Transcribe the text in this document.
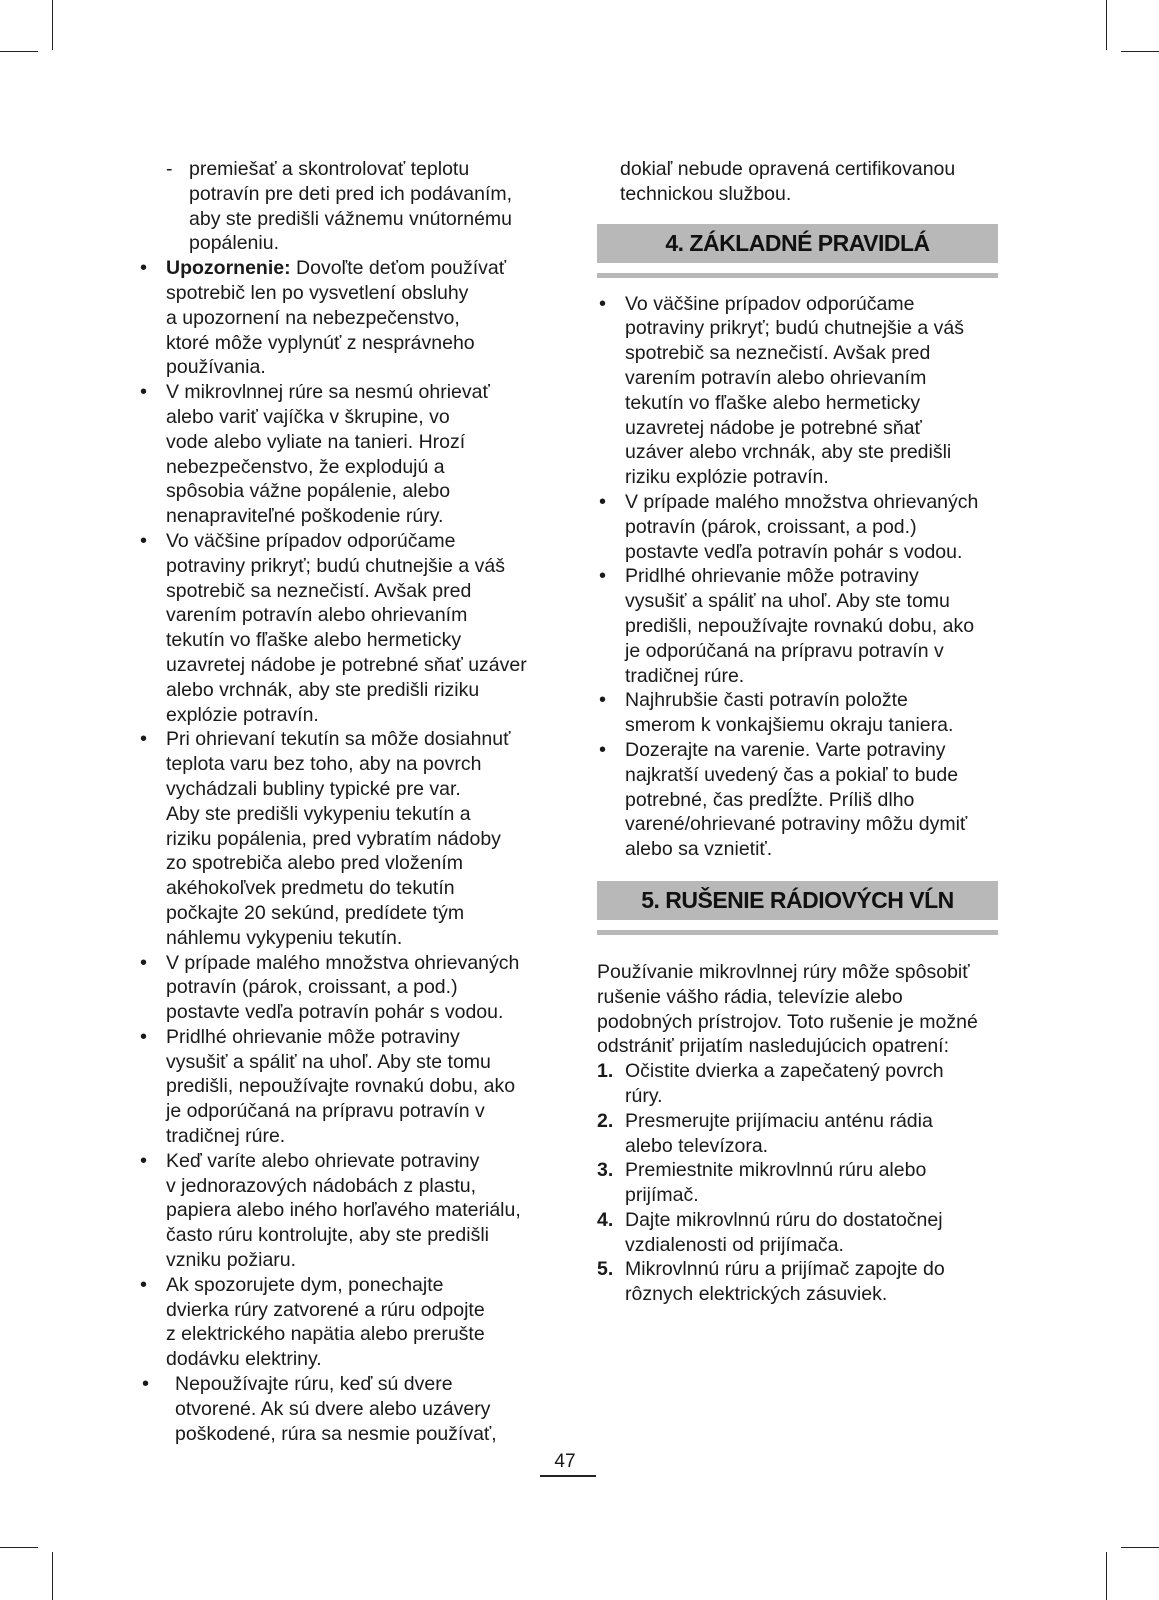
- premiešať a skontrolovať teplotu
potravín pre deti pred ich podávaním,
aby ste predišli vážnemu vnútornému
popáleniu.
• Upozornenie: Dovoľte deťom používať
spotrebič len po vysvetlení obsluhy
a upozornení na nebezpečenstvo,
ktoré môže vyplynúť z nesprávneho
používania.
• V mikrovlnnej rúre sa nesmú ohrievať
alebo variť vajíčka v škrupine, vo
vode alebo vyliate na tanieri. Hrozí
nebezpečenstvo, že explodujú a
spôsobia vážne popálenie, alebo
nenapraviteľné poškodenie rúry.
• Vo väčšine prípadov odporúčame
potraviny prikryť; budú chutnejšie a váš
spotrebič sa neznečistí. Avšak pred
varením potravín alebo ohrievaním
tekutín vo fľaške alebo hermeticky
uzavretej nádobe je potrebné sňať uzáver
alebo vrchnák, aby ste predišli riziku
explózie potravín.
• Pri ohrievaní tekutín sa môže dosiahnuť
teplota varu bez toho, aby na povrch
vychádzali bubliny typické pre var.
Aby ste predišli vykypeniu tekutín a
riziku popálenia, pred vybratím nádoby
zo spotrebiča alebo pred vložením
akéhokoľvek predmetu do tekutín
počkajte 20 sekúnd, predídete tým
náhlemu vykypeniu tekutín.
• V prípade malého množstva ohrievaných
potravín (párok, croissant, a pod.)
postavte vedľa potravín pohár s vodou.
• Pridlhé ohrievanie môže potraviny
vysušiť a spáliť na uhoľ. Aby ste tomu
predišli, nepoužívajte rovnakú dobu, ako
je odporúčaná na prípravu potravín v
tradičnej rúre.
• Keď varíte alebo ohrievate potraviny
v jednorazových nádobách z plastu,
papiera alebo iného horľavého materiálu,
často rúru kontrolujte, aby ste predišli
vzniku požiaru.
• Ak spozorujete dym, ponechajte
dvierka rúry zatvorené a rúru odpojte
z elektrického napätia alebo prerušte
dodávku elektriny.
• Nepoužívajte rúru, keď sú dvere
otvorené. Ak sú dvere alebo uzávery
poškodené, rúra sa nesmie používať,
dokiaľ nebude opravená certifikovanou
technickou službou.
4. ZÁKLADNÉ PRAVIDLÁ
• Vo väčšine prípadov odporúčame
potraviny prikryť; budú chutnejšie a váš
spotrebič sa neznečistí. Avšak pred
varením potravín alebo ohrievaním
tekutín vo fľaške alebo hermeticky
uzavretej nádobe je potrebné sňať
uzáver alebo vrchnák, aby ste predišli
riziku explózie potravín.
• V prípade malého množstva ohrievaných
potravín (párok, croissant, a pod.)
postavte vedľa potravín pohár s vodou.
• Pridlhé ohrievanie môže potraviny
vysušiť a spáliť na uhoľ. Aby ste tomu
predišli, nepoužívajte rovnakú dobu, ako
je odporúčaná na prípravu potravín v
tradičnej rúre.
• Najhrubšie časti potravín položte
smerom k vonkajšiemu okraju taniera.
• Dozerajte na varenie. Varte potraviny
najkratší uvedený čas a pokiaľ to bude
potrebné, čas predĺžte. Príliš dlho
varené/ohrievané potraviny môžu dymiť
alebo sa vznietiť.
5. RUŠENIE RÁDIOVÝCH VĹN

Používanie mikrovlnnej rúry môže spôsobiť
rušenie vášho rádia, televízie alebo
podobných prístrojov. Toto rušenie je možné
odstrániť prijatím nasledujúcich opatrení:

1. Očistite dvierka a zapečatený povrch
rúry.
2. Presmerujte prijímaciu anténu rádia
alebo televízora.
3. Premiestnite mikrovlnnú rúru alebo
prijímač.
4. Dajte mikrovlnnú rúru do dostatočnej
vzdialenosti od prijímača.
5. Mikrovlnnú rúru a prijímač zapojte do
rôznych elektrických zásuviek.
47
